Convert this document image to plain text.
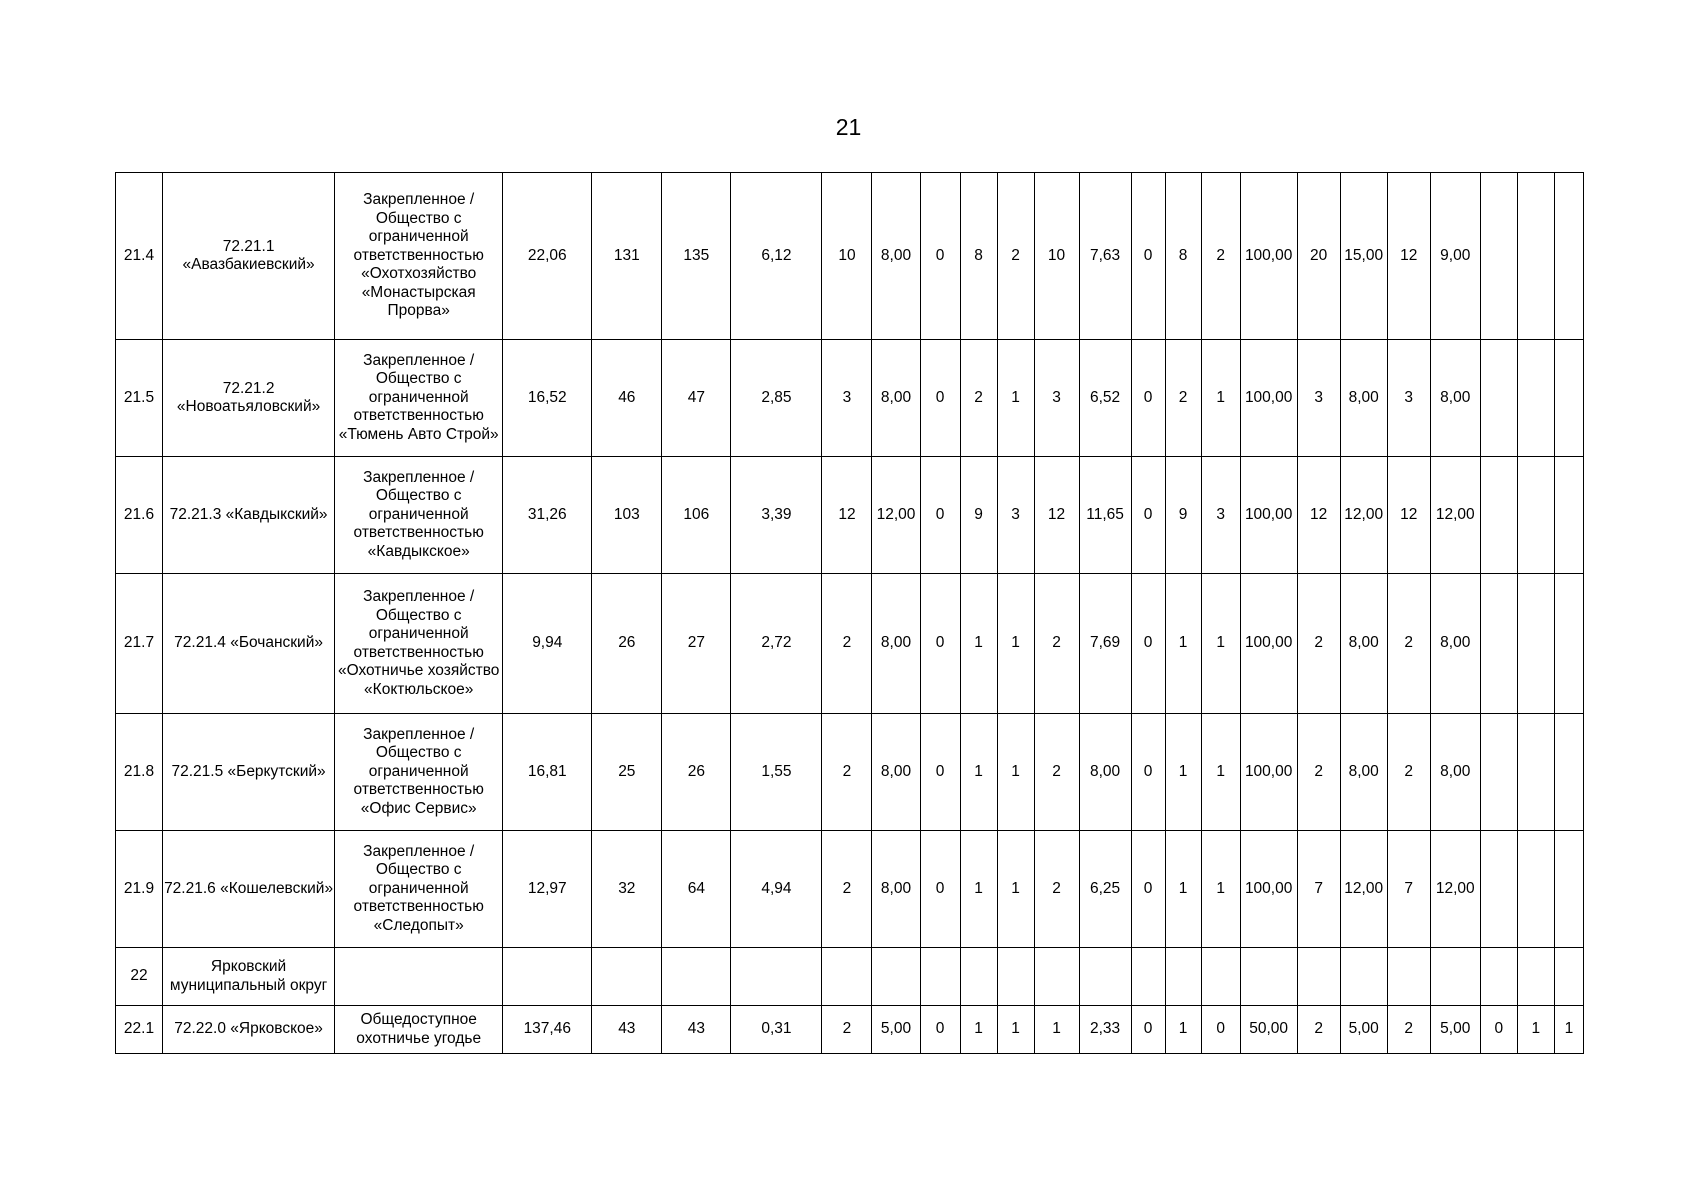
21
21.4	72.21.1 «Авазбакиевский»	Закрепленное / Общество с ограниченной ответственностью «Охотхозяйство «Монастырская Прорва»	22,06	131	135	6,12	10	8,00	0	8	2	10	7,63	0	8	2	100,00	20	15,00	12	9,00			
21.5	72.21.2 «Новоатьяловский»	Закрепленное / Общество с ограниченной ответственностью «Тюмень Авто Строй»	16,52	46	47	2,85	3	8,00	0	2	1	3	6,52	0	2	1	100,00	3	8,00	3	8,00			
21.6	72.21.3 «Кавдыкский»	Закрепленное / Общество с ограниченной ответственностью «Кавдыкское»	31,26	103	106	3,39	12	12,00	0	9	3	12	11,65	0	9	3	100,00	12	12,00	12	12,00			
21.7	72.21.4 «Бочанский»	Закрепленное / Общество с ограниченной ответственностью «Охотничье хозяйство «Коктюльское»	9,94	26	27	2,72	2	8,00	0	1	1	2	7,69	0	1	1	100,00	2	8,00	2	8,00			
21.8	72.21.5 «Беркутский»	Закрепленное / Общество с ограниченной ответственностью «Офис Сервис»	16,81	25	26	1,55	2	8,00	0	1	1	2	8,00	0	1	1	100,00	2	8,00	2	8,00			
21.9	72.21.6 «Кошелевский»	Закрепленное / Общество с ограниченной ответственностью «Следопыт»	12,97	32	64	4,94	2	8,00	0	1	1	2	6,25	0	1	1	100,00	7	12,00	7	12,00			
22	Ярковский муниципальный округ																							
22.1	72.22.0 «Ярковское»	Общедоступное охотничье угодье	137,46	43	43	0,31	2	5,00	0	1	1	1	2,33	0	1	0	50,00	2	5,00	2	5,00	0	1	1
